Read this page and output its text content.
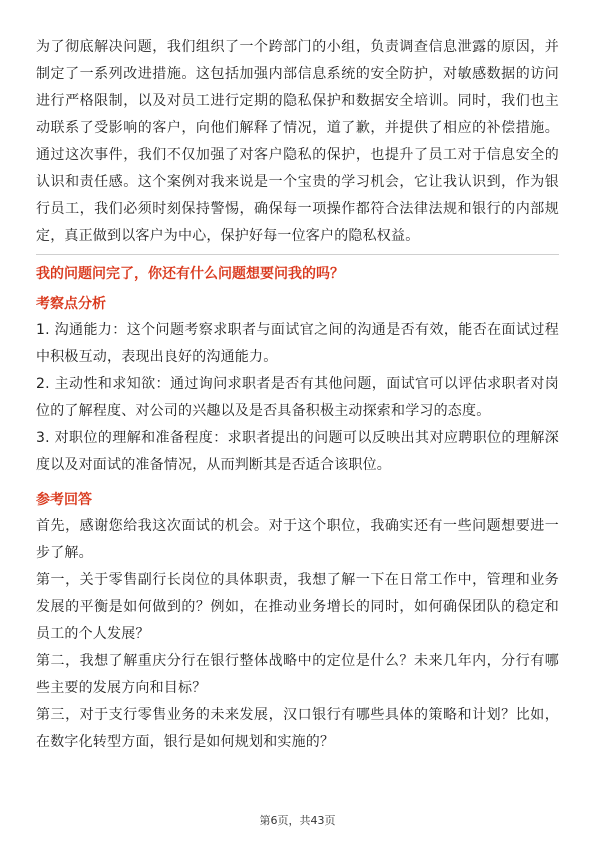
为了彻底解决问题，我们组织了一个跨部门的小组，负责调查信息泄露的原因，并制定了一系列改进措施。这包括加强内部信息系统的安全防护，对敏感数据的访问进行严格限制，以及对员工进行定期的隐私保护和数据安全培训。同时，我们也主动联系了受影响的客户，向他们解释了情况，道了歉，并提供了相应的补偿措施。通过这次事件，我们不仅加强了对客户隐私的保护，也提升了员工对于信息安全的认识和责任感。这个案例对我来说是一个宝贵的学习机会，它让我认识到，作为银行员工，我们必须时刻保持警惕，确保每一项操作都符合法律法规和银行的内部规定，真正做到以客户为中心，保护好每一位客户的隐私权益。

我的问题问完了，你还有什么问题想要问我的吗？

考察点分析

1. 沟通能力：这个问题考察求职者与面试官之间的沟通是否有效，能否在面试过程中积极互动，表现出良好的沟通能力。

2. 主动性和求知欲：通过询问求职者是否有其他问题，面试官可以评估求职者对岗位的了解程度、对公司的兴趣以及是否具备积极主动探索和学习的态度。

3. 对职位的理解和准备程度：求职者提出的问题可以反映出其对应聘职位的理解深度以及对面试的准备情况，从而判断其是否适合该职位。

参考回答

首先，感谢您给我这次面试的机会。对于这个职位，我确实还有一些问题想要进一步了解。

第一，关于零售副行长岗位的具体职责，我想了解一下在日常工作中，管理和业务发展的平衡是如何做到的？例如，在推动业务增长的同时，如何确保团队的稳定和员工的个人发展？

第二，我想了解重庆分行在银行整体战略中的定位是什么？未来几年内，分行有哪些主要的发展方向和目标？

第三，对于支行零售业务的未来发展，汉口银行有哪些具体的策略和计划？比如，在数字化转型方面，银行是如何规划和实施的？

第6页，共43页
